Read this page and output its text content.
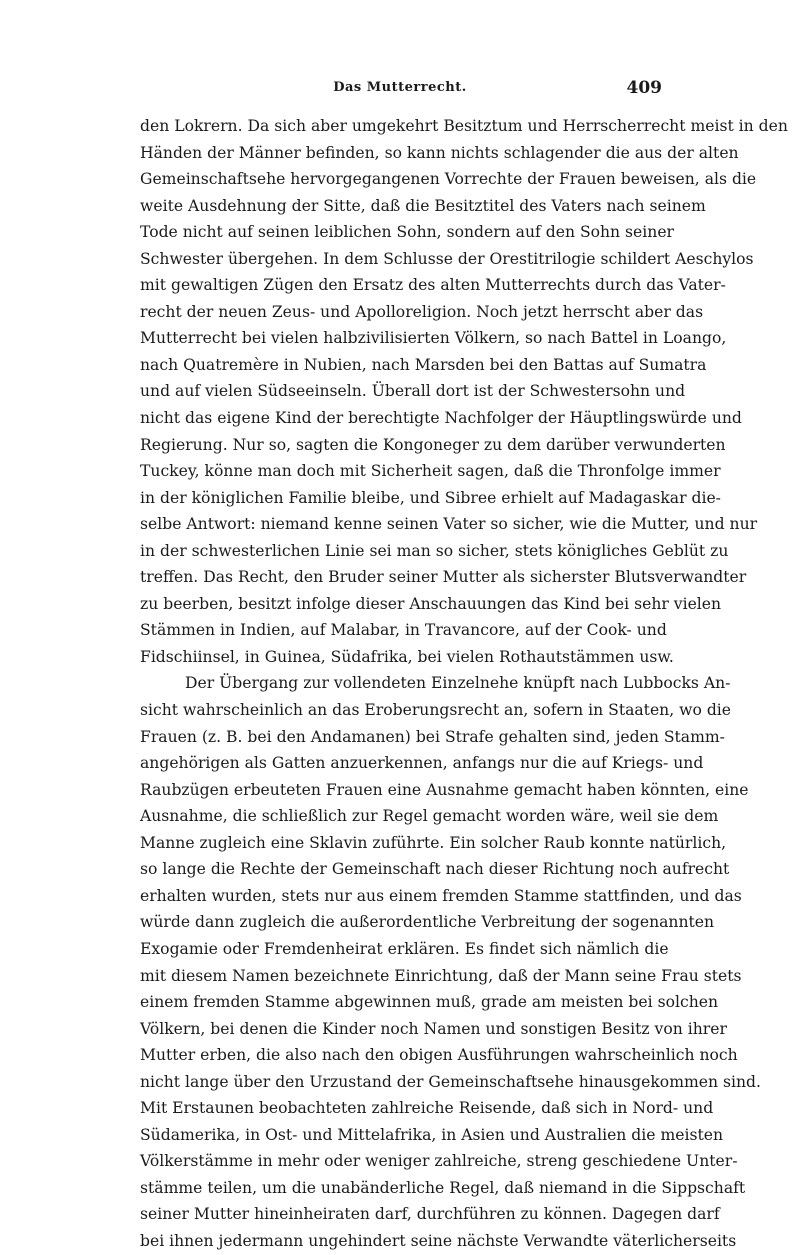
Das Mutterrecht.	409
den Lokrern. Da sich aber umgekehrt Besitztum und Herrscherrecht meist in den
Händen der Männer befinden, so kann nichts schlagender die aus der alten
Gemeinschaftsehe hervorgegangenen Vorrechte der Frauen beweisen, als die
weite Ausdehnung der Sitte, daß die Besitztitel des Vaters nach seinem
Tode nicht auf seinen leiblichen Sohn, sondern auf den Sohn seiner
Schwester übergehen. In dem Schlusse der Orestitrilogie schildert Aeschylos
mit gewaltigen Zügen den Ersatz des alten Mutterrechts durch das Vater-
recht der neuen Zeus- und Apolloreligion. Noch jetzt herrscht aber das
Mutterrecht bei vielen halbzivilisierten Völkern, so nach Battel in Loango,
nach Quatremère in Nubien, nach Marsden bei den Battas auf Sumatra
und auf vielen Südseeinseln. Überall dort ist der Schwestersohn und
nicht das eigene Kind der berechtigte Nachfolger der Häuptlingswürde und
Regierung. Nur so, sagten die Kongoneger zu dem darüber verwunderten
Tuckey, könne man doch mit Sicherheit sagen, daß die Thronfolge immer
in der königlichen Familie bleibe, und Sibree erhielt auf Madagaskar die-
selbe Antwort: niemand kenne seinen Vater so sicher, wie die Mutter, und nur
in der schwesterlichen Linie sei man so sicher, stets königliches Geblüt zu
treffen. Das Recht, den Bruder seiner Mutter als sicherster Blutsverwandter
zu beerben, besitzt infolge dieser Anschauungen das Kind bei sehr vielen
Stämmen in Indien, auf Malabar, in Travancore, auf der Cook- und
Fidschiinsel, in Guinea, Südafrika, bei vielen Rothautstämmen usw.
Der Übergang zur vollendeten Einzelnehe knüpft nach Lubbocks An-
sicht wahrscheinlich an das Eroberungsrecht an, sofern in Staaten, wo die
Frauen (z. B. bei den Andamanen) bei Strafe gehalten sind, jeden Stamm-
angehörigen als Gatten anzuerkennen, anfangs nur die auf Kriegs- und
Raubzügen erbeuteten Frauen eine Ausnahme gemacht haben könnten, eine
Ausnahme, die schließlich zur Regel gemacht worden wäre, weil sie dem
Manne zugleich eine Sklavin zuführte. Ein solcher Raub konnte natürlich,
so lange die Rechte der Gemeinschaft nach dieser Richtung noch aufrecht
erhalten wurden, stets nur aus einem fremden Stamme stattfinden, und das
würde dann zugleich die außerordentliche Verbreitung der sogenannten
Exogamie oder Fremdenheirat erklären. Es findet sich nämlich die
mit diesem Namen bezeichnete Einrichtung, daß der Mann seine Frau stets
einem fremden Stamme abgewinnen muß, grade am meisten bei solchen
Völkern, bei denen die Kinder noch Namen und sonstigen Besitz von ihrer
Mutter erben, die also nach den obigen Ausführungen wahrscheinlich noch
nicht lange über den Urzustand der Gemeinschaftsehe hinausgekommen sind.
Mit Erstaunen beobachteten zahlreiche Reisende, daß sich in Nord- und
Südamerika, in Ost- und Mittelafrika, in Asien und Australien die meisten
Völkerstämme in mehr oder weniger zahlreiche, streng geschiedene Unter-
stämme teilen, um die unabänderliche Regel, daß niemand in die Sippschaft
seiner Mutter hineinheiraten darf, durchführen zu können. Dagegen darf
bei ihnen jedermann ungehindert seine nächste Verwandte väterlicherseits
